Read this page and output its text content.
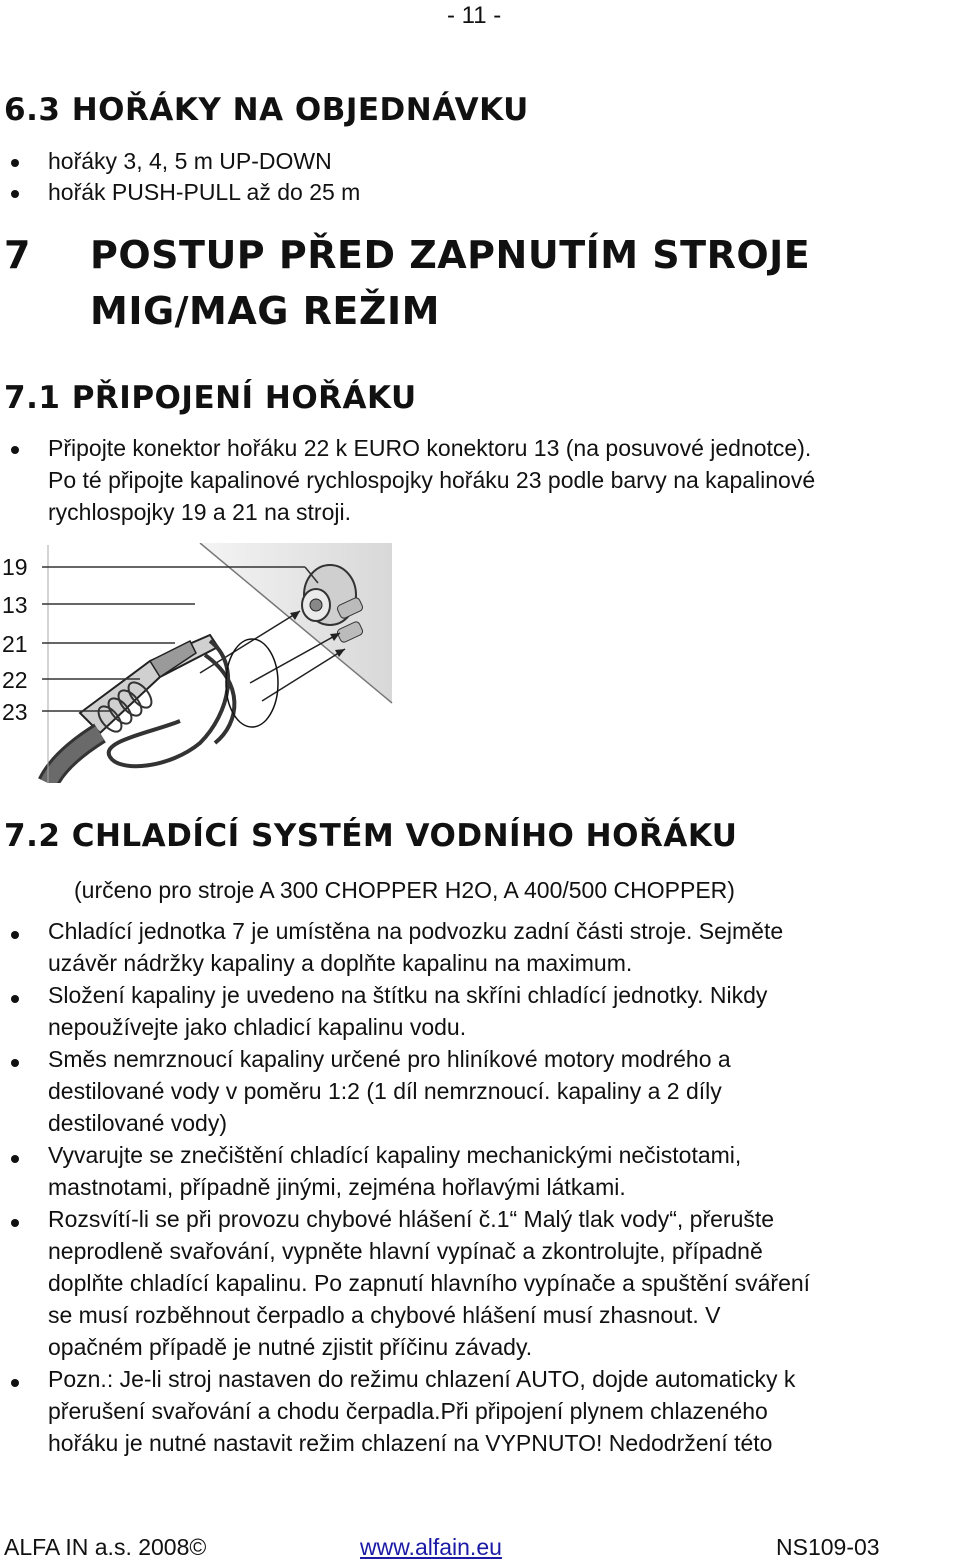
- 11 -
6.3 HOŘÁKY NA OBJEDNÁVKU
hořáky 3, 4, 5 m UP-DOWN
hořák PUSH-PULL až do 25 m
7 POSTUP PŘED ZAPNUTÍM STROJE
MIG/MAG REŽIM
7.1 PŘIPOJENÍ HOŘÁKU
Připojte konektor hořáku 22 k EURO konektoru 13 (na posuvové jednotce).
Po té připojte kapalinové rychlospojky hořáku 23 podle barvy na kapalinové
rychlospojky 19 a 21 na stroji.
19
13
21
22
23
7.2 CHLADÍCÍ SYSTÉM VODNÍHO HOŘÁKU
(určeno pro stroje A 300 CHOPPER H2O, A 400/500 CHOPPER)
Chladící jednotka 7 je umístěna na podvozku zadní části stroje. Sejměte
uzávěr nádržky kapaliny a doplňte kapalinu na maximum.
Složení kapaliny je uvedeno na štítku na skříni chladící jednotky. Nikdy
nepoužívejte jako chladicí kapalinu vodu.
Směs nemrznoucí kapaliny určené pro hliníkové motory modrého a
destilované vody v poměru 1:2 (1 díl nemrznoucí. kapaliny a 2 díly
destilované vody)
Vyvarujte se znečištění chladící kapaliny mechanickými nečistotami,
mastnotami, případně jinými, zejména hořlavými látkami.
Rozsvítí-li se při provozu chybové hlášení č.1“ Malý tlak vody“, přerušte
neprodleně svařování, vypněte hlavní vypínač a zkontrolujte, případně
doplňte chladící kapalinu. Po zapnutí hlavního vypínače a spuštění sváření
se musí rozběhnout čerpadlo a chybové hlášení musí zhasnout. V
opačném případě je nutné zjistit příčinu závady.
Pozn.: Je-li stroj nastaven do režimu chlazení AUTO, dojde automaticky k
přerušení svařování a chodu čerpadla.Při připojení plynem chlazeného
hořáku je nutné nastavit režim chlazení na VYPNUTO! Nedodržení této
ALFA IN a.s. 2008©	www.alfain.eu	NS109-03
